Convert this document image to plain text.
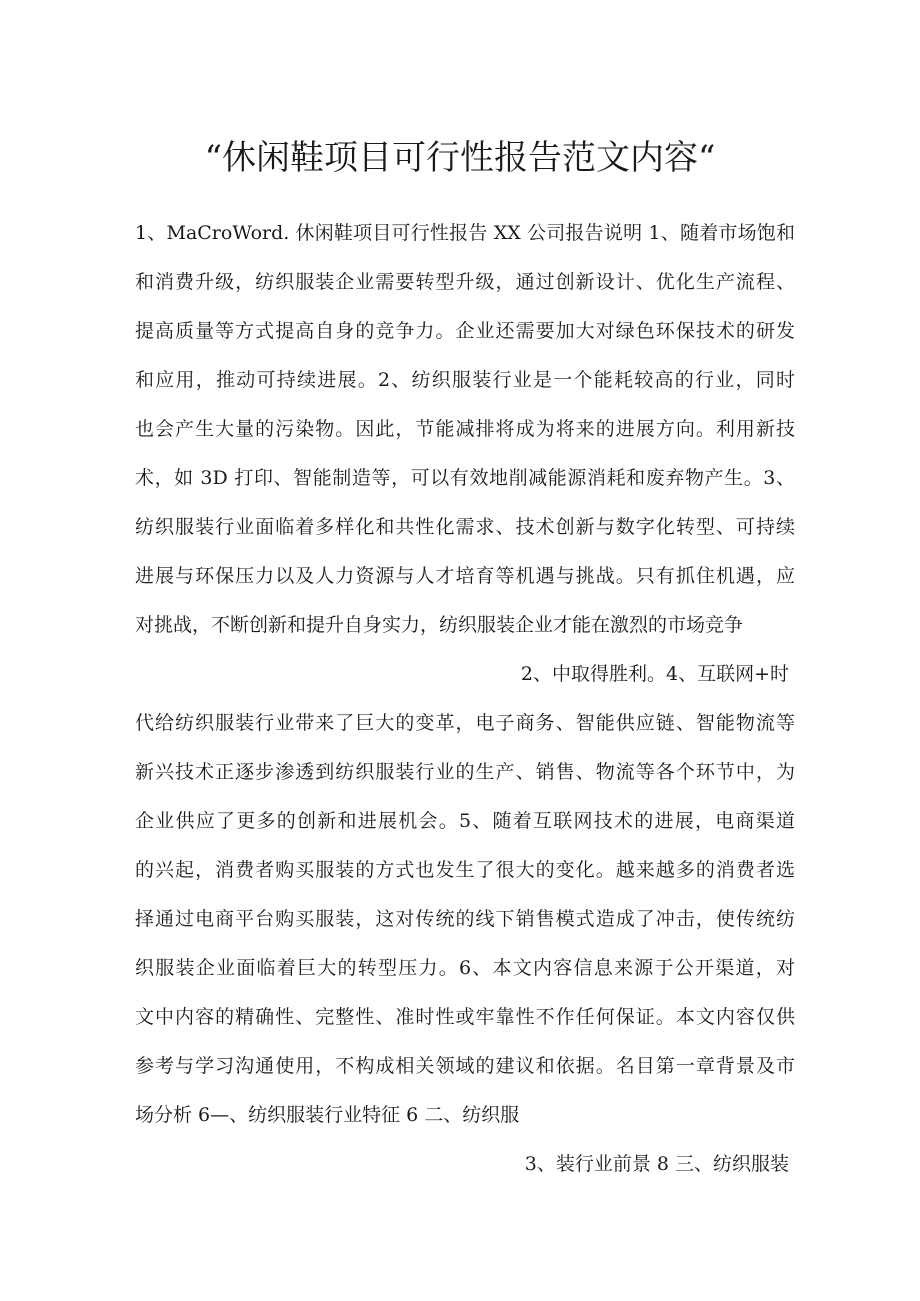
“休闲鞋项目可行性报告范文内容“
1、MaCroWord. 休闲鞋项目可行性报告 XX 公司报告说明 1、随着市场饱和
和消费升级，纺织服装企业需要转型升级，通过创新设计、优化生产流程、
提高质量等方式提高自身的竞争力。企业还需要加大对绿色环保技术的研发
和应用，推动可持续进展。2、纺织服装行业是一个能耗较高的行业，同时
也会产生大量的污染物。因此，节能减排将成为将来的进展方向。利用新技
术，如 3D 打印、智能制造等，可以有效地削减能源消耗和废弃物产生。3、
纺织服装行业面临着多样化和共性化需求、技术创新与数字化转型、可持续
进展与环保压力以及人力资源与人才培育等机遇与挑战。只有抓住机遇，应
对挑战，不断创新和提升自身实力，纺织服装企业才能在激烈的市场竞争
2、中取得胜利。4、互联网+时
代给纺织服装行业带来了巨大的变革，电子商务、智能供应链、智能物流等
新兴技术正逐步渗透到纺织服装行业的生产、销售、物流等各个环节中，为
企业供应了更多的创新和进展机会。5、随着互联网技术的进展，电商渠道
的兴起，消费者购买服装的方式也发生了很大的变化。越来越多的消费者选
择通过电商平台购买服装，这对传统的线下销售模式造成了冲击，使传统纺
织服装企业面临着巨大的转型压力。6、本文内容信息来源于公开渠道，对
文中内容的精确性、完整性、准时性或牢靠性不作任何保证。本文内容仅供
参考与学习沟通使用，不构成相关领域的建议和依据。名目第一章背景及市
场分析 6—、纺织服装行业特征 6 二、纺织服
3、装行业前景 8 三、纺织服装
